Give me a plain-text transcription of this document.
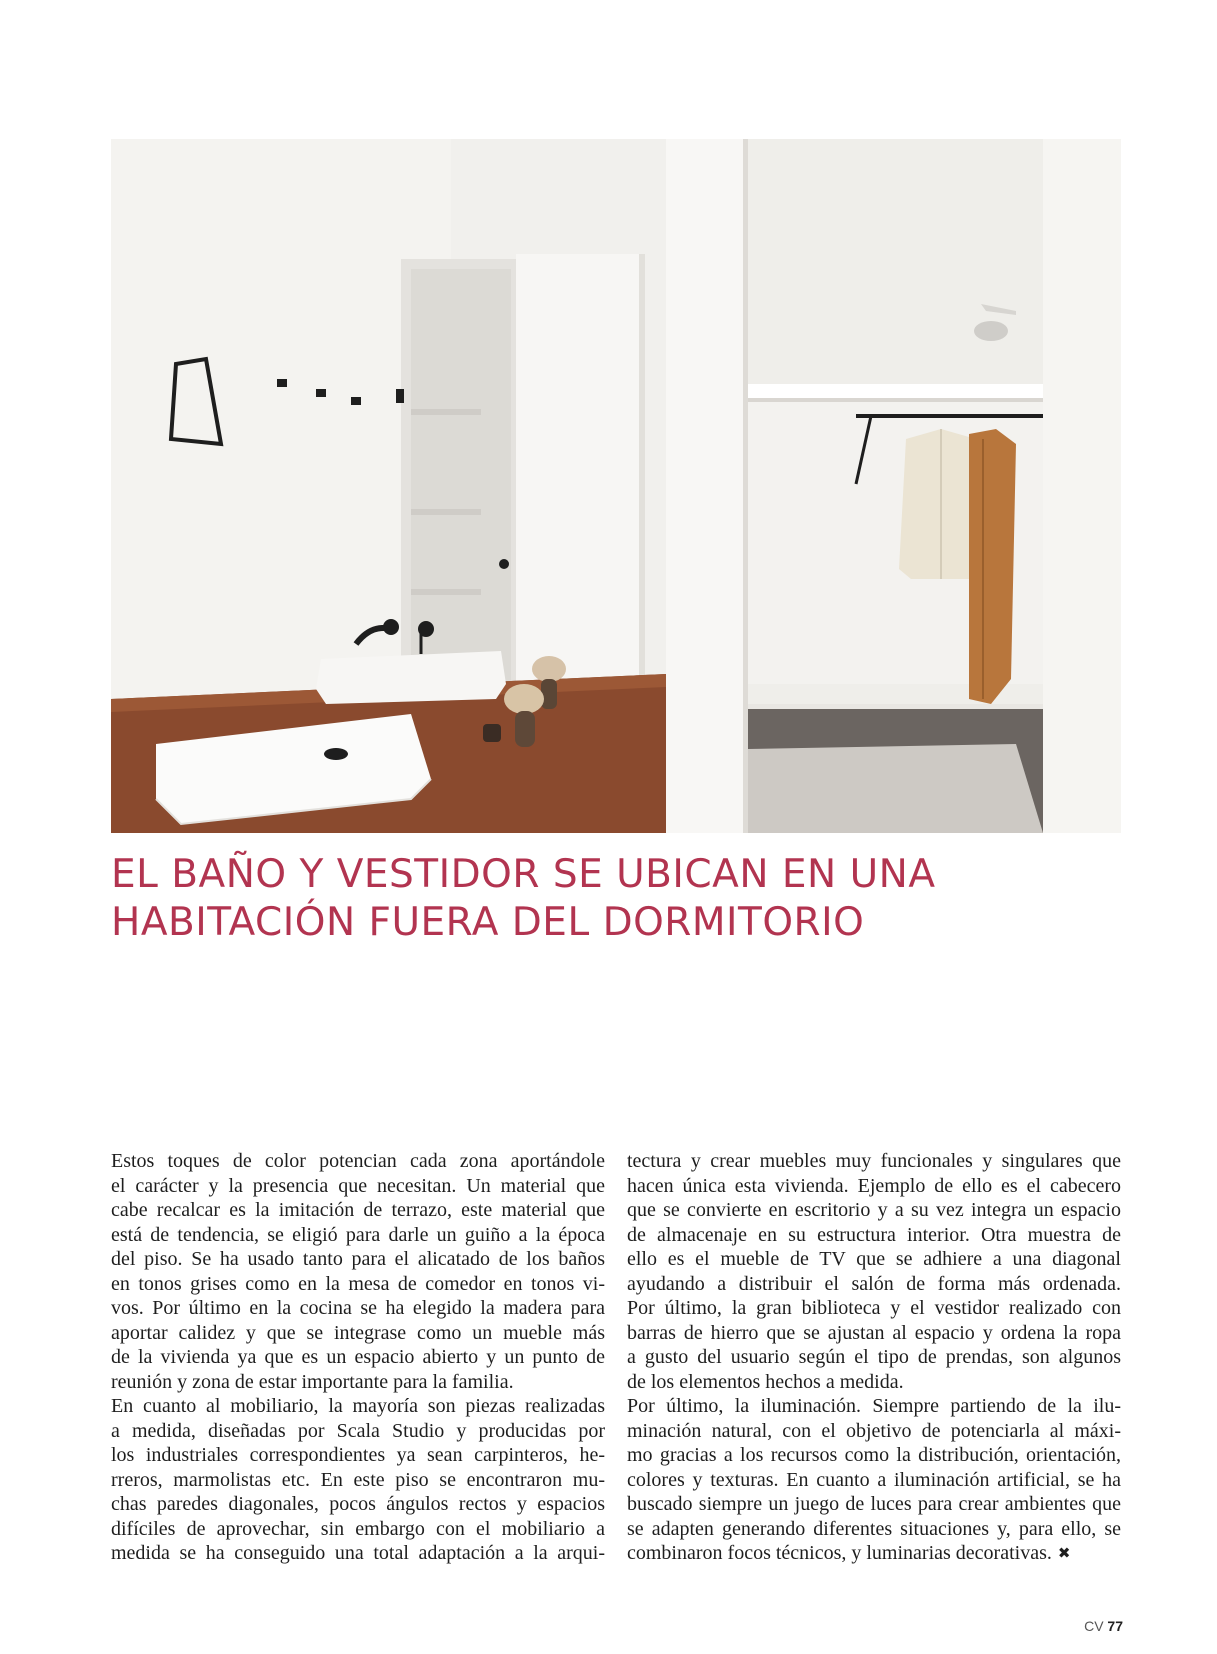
EL BAÑO Y VESTIDOR SE UBICAN EN UNA
HABITACIÓN FUERA DEL DORMITORIO
Estos toques de color potencian cada zona aportándole
el carácter y la presencia que necesitan. Un material que
cabe recalcar es la imitación de terrazo, este material que
está de tendencia, se eligió para darle un guiño a la época
del piso. Se ha usado tanto para el alicatado de los baños
en tonos grises como en la mesa de comedor en tonos vi-
vos. Por último en la cocina se ha elegido la madera para
aportar calidez y que se integrase como un mueble más
de la vivienda ya que es un espacio abierto y un punto de
reunión y zona de estar importante para la familia.
En cuanto al mobiliario, la mayoría son piezas realizadas
a medida, diseñadas por Scala Studio y producidas por
los industriales correspondientes ya sean carpinteros, he-
rreros, marmolistas etc. En este piso se encontraron mu-
chas paredes diagonales, pocos ángulos rectos y espacios
difíciles de aprovechar, sin embargo con el mobiliario a
medida se ha conseguido una total adaptación a la arqui-
tectura y crear muebles muy funcionales y singulares que
hacen única esta vivienda. Ejemplo de ello es el cabecero
que se convierte en escritorio y a su vez integra un espacio
de almacenaje en su estructura interior. Otra muestra de
ello es el mueble de TV que se adhiere a una diagonal
ayudando a distribuir el salón de forma más ordenada.
Por último, la gran biblioteca y el vestidor realizado con
barras de hierro que se ajustan al espacio y ordena la ropa
a gusto del usuario según el tipo de prendas, son algunos
de los elementos hechos a medida.
Por último, la iluminación. Siempre partiendo de la ilu-
minación natural, con el objetivo de potenciarla al máxi-
mo gracias a los recursos como la distribución, orientación,
colores y texturas. En cuanto a iluminación artificial, se ha
buscado siempre un juego de luces para crear ambientes que
se adapten generando diferentes situaciones y, para ello, se
combinaron focos técnicos, y luminarias decorativas. ✖
CV 77
